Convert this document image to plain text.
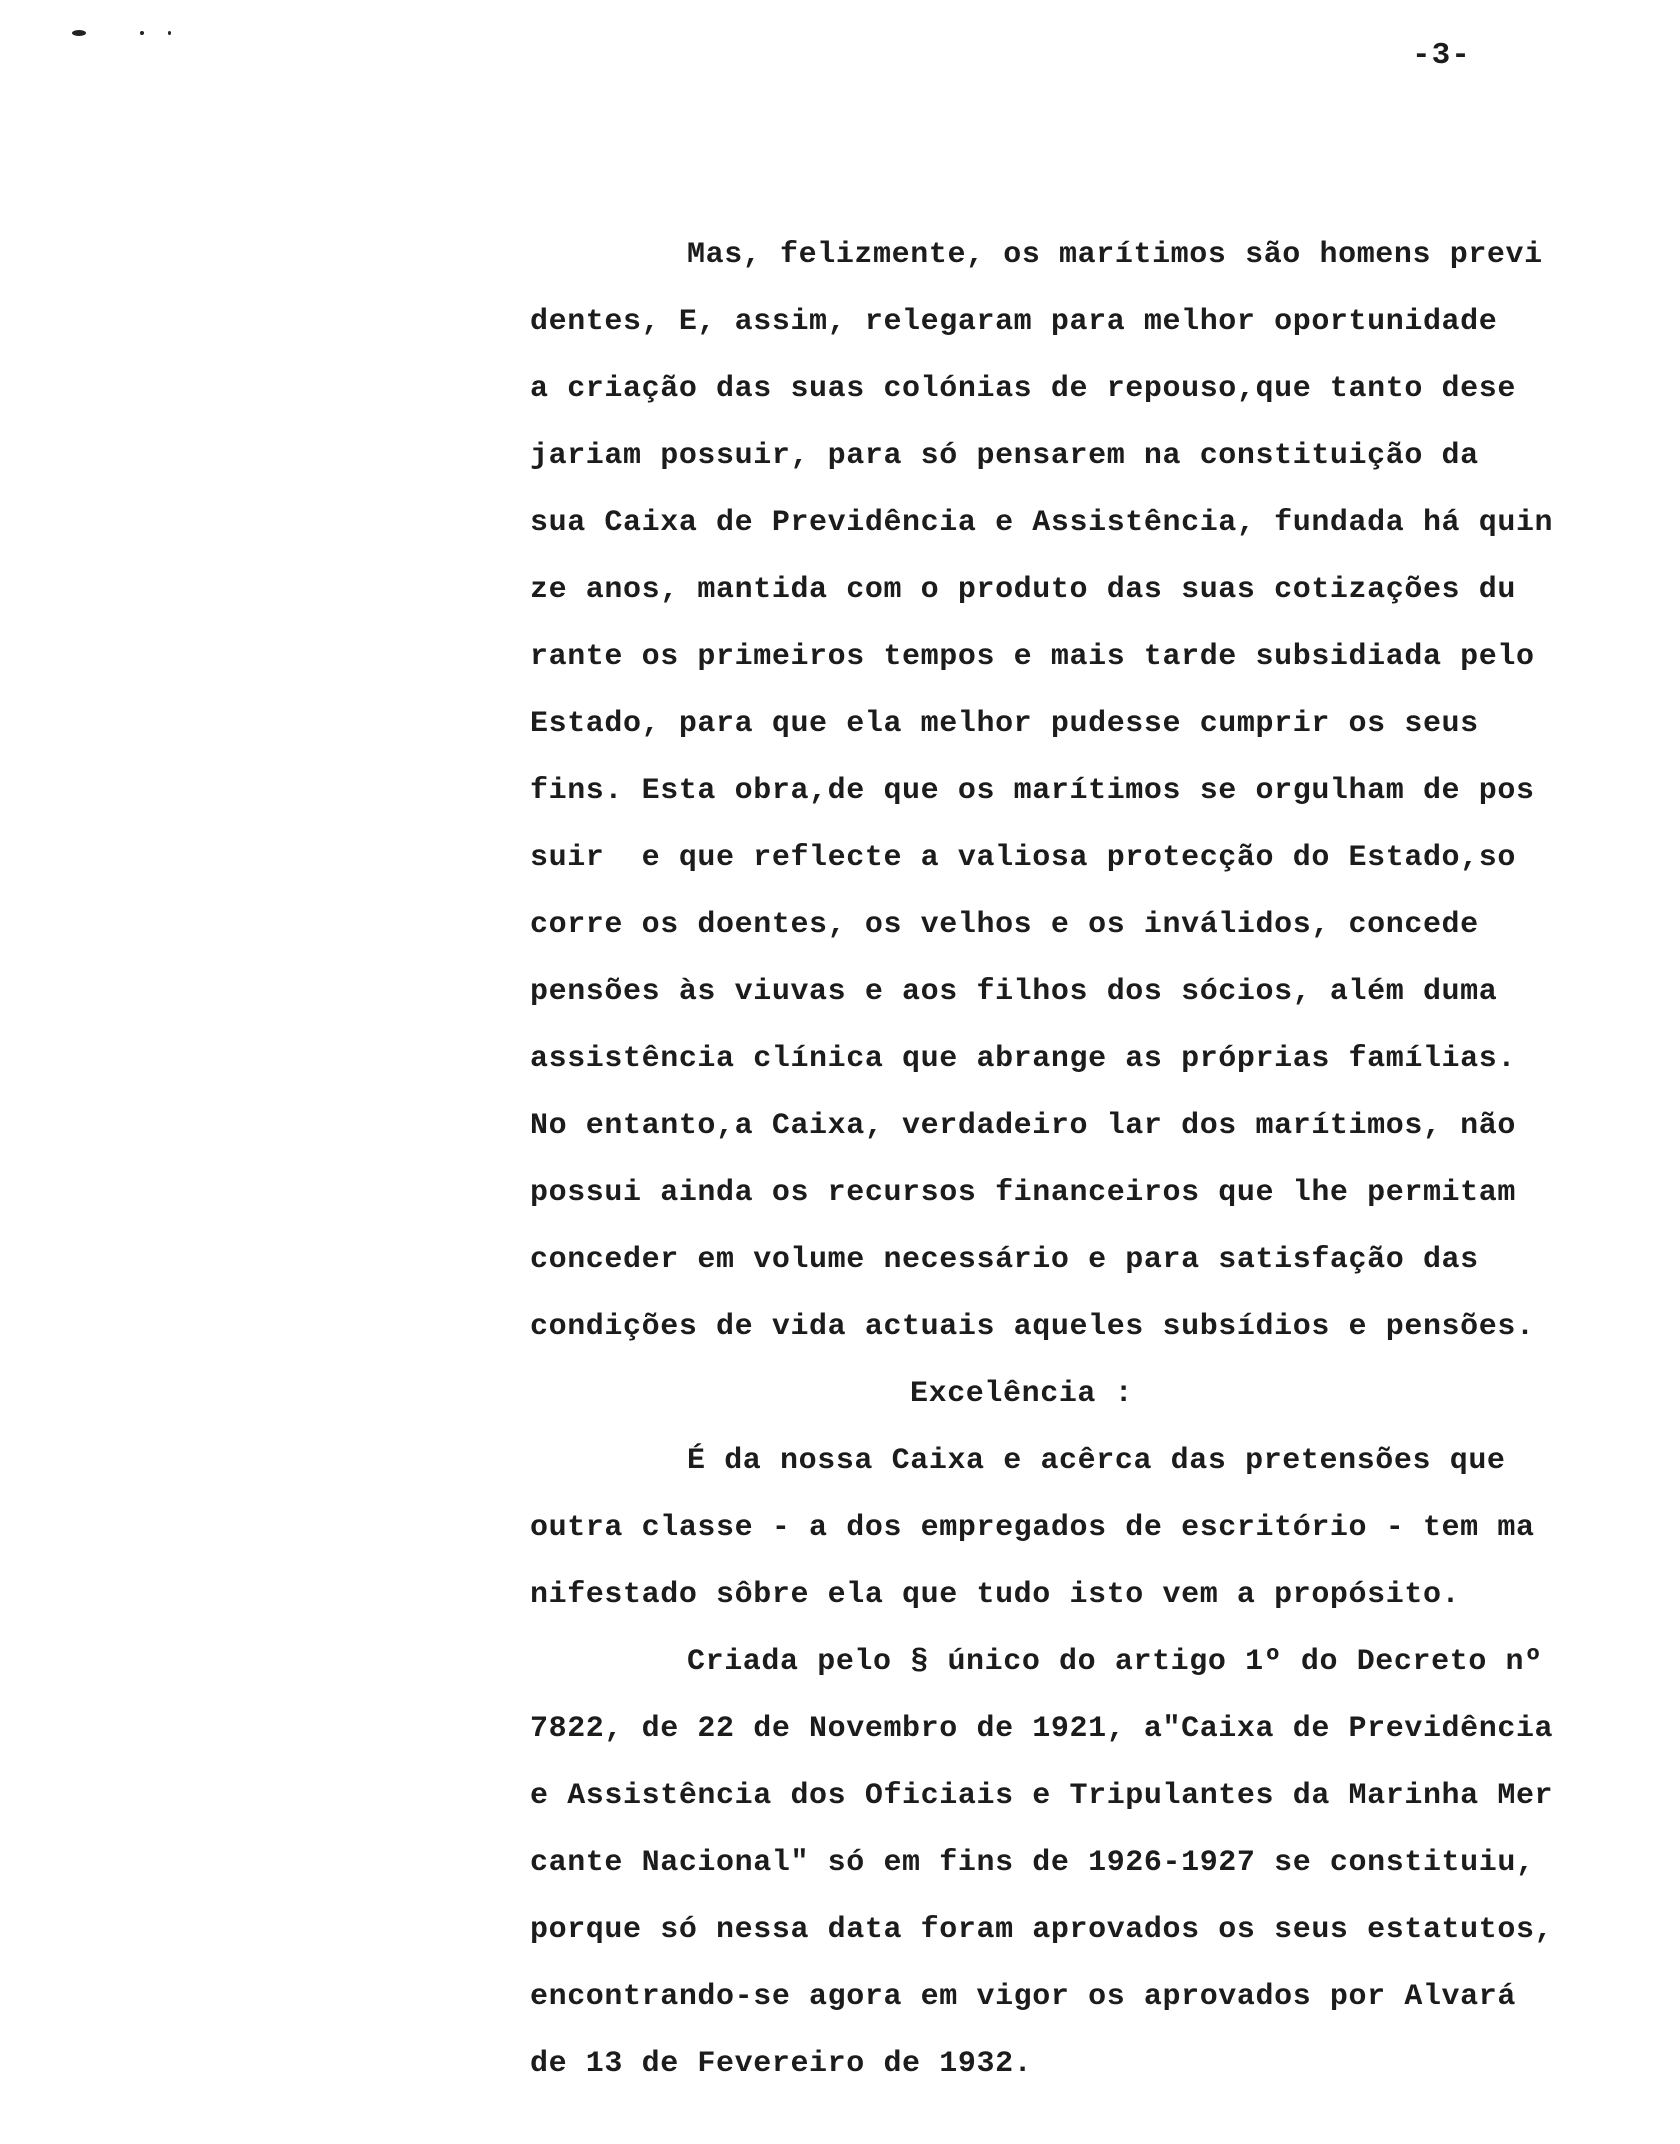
-3-
Mas, felizmente, os marítimos são homens previ
dentes, E, assim, relegaram para melhor oportunidade
a criação das suas colónias de repouso,que tanto dese
jariam possuir, para só pensarem na constituição da
sua Caixa de Previdência e Assistência, fundada há quin
ze anos, mantida com o produto das suas cotizações du
rante os primeiros tempos e mais tarde subsidiada pelo
Estado, para que ela melhor pudesse cumprir os seus
fins. Esta obra,de que os marítimos se orgulham de pos
suir  e que reflecte a valiosa protecção do Estado,so
corre os doentes, os velhos e os inválidos, concede
pensões às viuvas e aos filhos dos sócios, além duma
assistência clínica que abrange as próprias famílias.
No entanto,a Caixa, verdadeiro lar dos marítimos, não
possui ainda os recursos financeiros que lhe permitam
conceder em volume necessário e para satisfação das
condições de vida actuais aqueles subsídios e pensões.
Excelência :
É da nossa Caixa e acêrca das pretensões que
outra classe - a dos empregados de escritório - tem ma
nifestado sôbre ela que tudo isto vem a propósito.
Criada pelo § único do artigo 1º do Decreto nº
7822, de 22 de Novembro de 1921, a"Caixa de Previdência
e Assistência dos Oficiais e Tripulantes da Marinha Mer
cante Nacional" só em fins de 1926-1927 se constituiu,
porque só nessa data foram aprovados os seus estatutos,
encontrando-se agora em vigor os aprovados por Alvará
de 13 de Fevereiro de 1932.
